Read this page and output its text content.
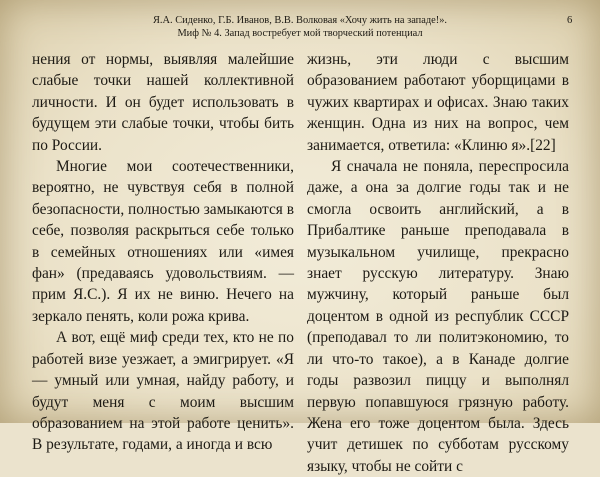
Я.А. Сиденко, Г.Б. Иванов, В.В. Волковая «Хочу жить на западе!».
Миф № 4. Запад востребует мой творческий потенциал
6

нения от нормы, выявляя малейшие слабые точки нашей коллективной личности. И он будет использовать в будущем эти слабые точки, чтобы бить по России.

Многие мои соотечественники, вероятно, не чувствуя себя в полной безопасности, полностью замыкаются в себе, позволяя раскрыться себе только в семейных отношениях или «имея фан» (предаваясь удовольствиям. — прим Я.С.). Я их не виню. Нечего на зеркало пенять, коли рожа крива.

А вот, ещё миф среди тех, кто не по работей визе уезжает, а эмигрирует. «Я — умный или умная, найду работу, и будут меня с моим высшим образованием на этой работе ценить». В результате, годами, а иногда и всю

жизнь, эти люди с высшим образованием работают уборщицами в чужих квартирах и офисах. Знаю таких женщин. Одна из них на вопрос, чем занимается, ответила: «Клиню я».[22]

Я сначала не поняла, переспросила даже, а она за долгие годы так и не смогла освоить английский, а в Прибалтике раньше преподавала в музыкальном училище, прекрасно знает русскую литературу. Знаю мужчину, который раньше был доцентом в одной из республик СССР (преподавал то ли политэкономию, то ли что-то такое), а в Канаде долгие годы развозил пиццу и выполнял первую попавшуюся грязную работу. Жена его тоже доцентом была. Здесь учит детишек по субботам русскому языку, чтобы не сойти с
